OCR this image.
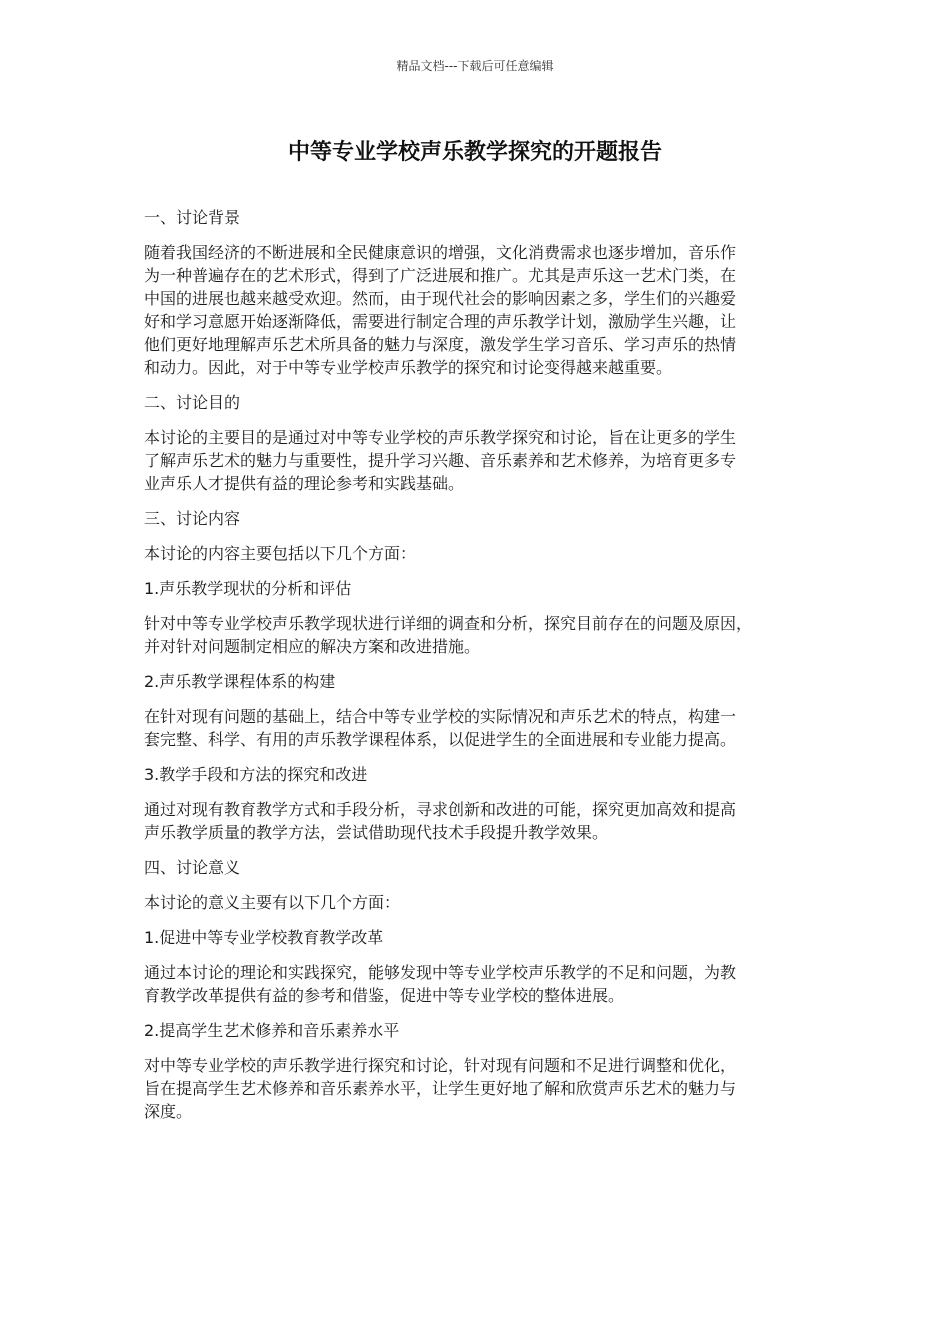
精品文档---下载后可任意编辑
中等专业学校声乐教学探究的开题报告
一、讨论背景
随着我国经济的不断进展和全民健康意识的增强，文化消费需求也逐步增加，音乐作
为一种普遍存在的艺术形式，得到了广泛进展和推广。尤其是声乐这一艺术门类，在
中国的进展也越来越受欢迎。然而，由于现代社会的影响因素之多，学生们的兴趣爱
好和学习意愿开始逐渐降低，需要进行制定合理的声乐教学计划，激励学生兴趣，让
他们更好地理解声乐艺术所具备的魅力与深度，激发学生学习音乐、学习声乐的热情
和动力。因此，对于中等专业学校声乐教学的探究和讨论变得越来越重要。
二、讨论目的
本讨论的主要目的是通过对中等专业学校的声乐教学探究和讨论，旨在让更多的学生
了解声乐艺术的魅力与重要性，提升学习兴趣、音乐素养和艺术修养，为培育更多专
业声乐人才提供有益的理论参考和实践基础。
三、讨论内容
本讨论的内容主要包括以下几个方面：
1.声乐教学现状的分析和评估
针对中等专业学校声乐教学现状进行详细的调查和分析，探究目前存在的问题及原因，
并对针对问题制定相应的解决方案和改进措施。
2.声乐教学课程体系的构建
在针对现有问题的基础上，结合中等专业学校的实际情况和声乐艺术的特点，构建一
套完整、科学、有用的声乐教学课程体系，以促进学生的全面进展和专业能力提高。
3.教学手段和方法的探究和改进
通过对现有教育教学方式和手段分析，寻求创新和改进的可能，探究更加高效和提高
声乐教学质量的教学方法，尝试借助现代技术手段提升教学效果。
四、讨论意义
本讨论的意义主要有以下几个方面：
1.促进中等专业学校教育教学改革
通过本讨论的理论和实践探究，能够发现中等专业学校声乐教学的不足和问题，为教
育教学改革提供有益的参考和借鉴，促进中等专业学校的整体进展。
2.提高学生艺术修养和音乐素养水平
对中等专业学校的声乐教学进行探究和讨论，针对现有问题和不足进行调整和优化，
旨在提高学生艺术修养和音乐素养水平，让学生更好地了解和欣赏声乐艺术的魅力与
深度。
